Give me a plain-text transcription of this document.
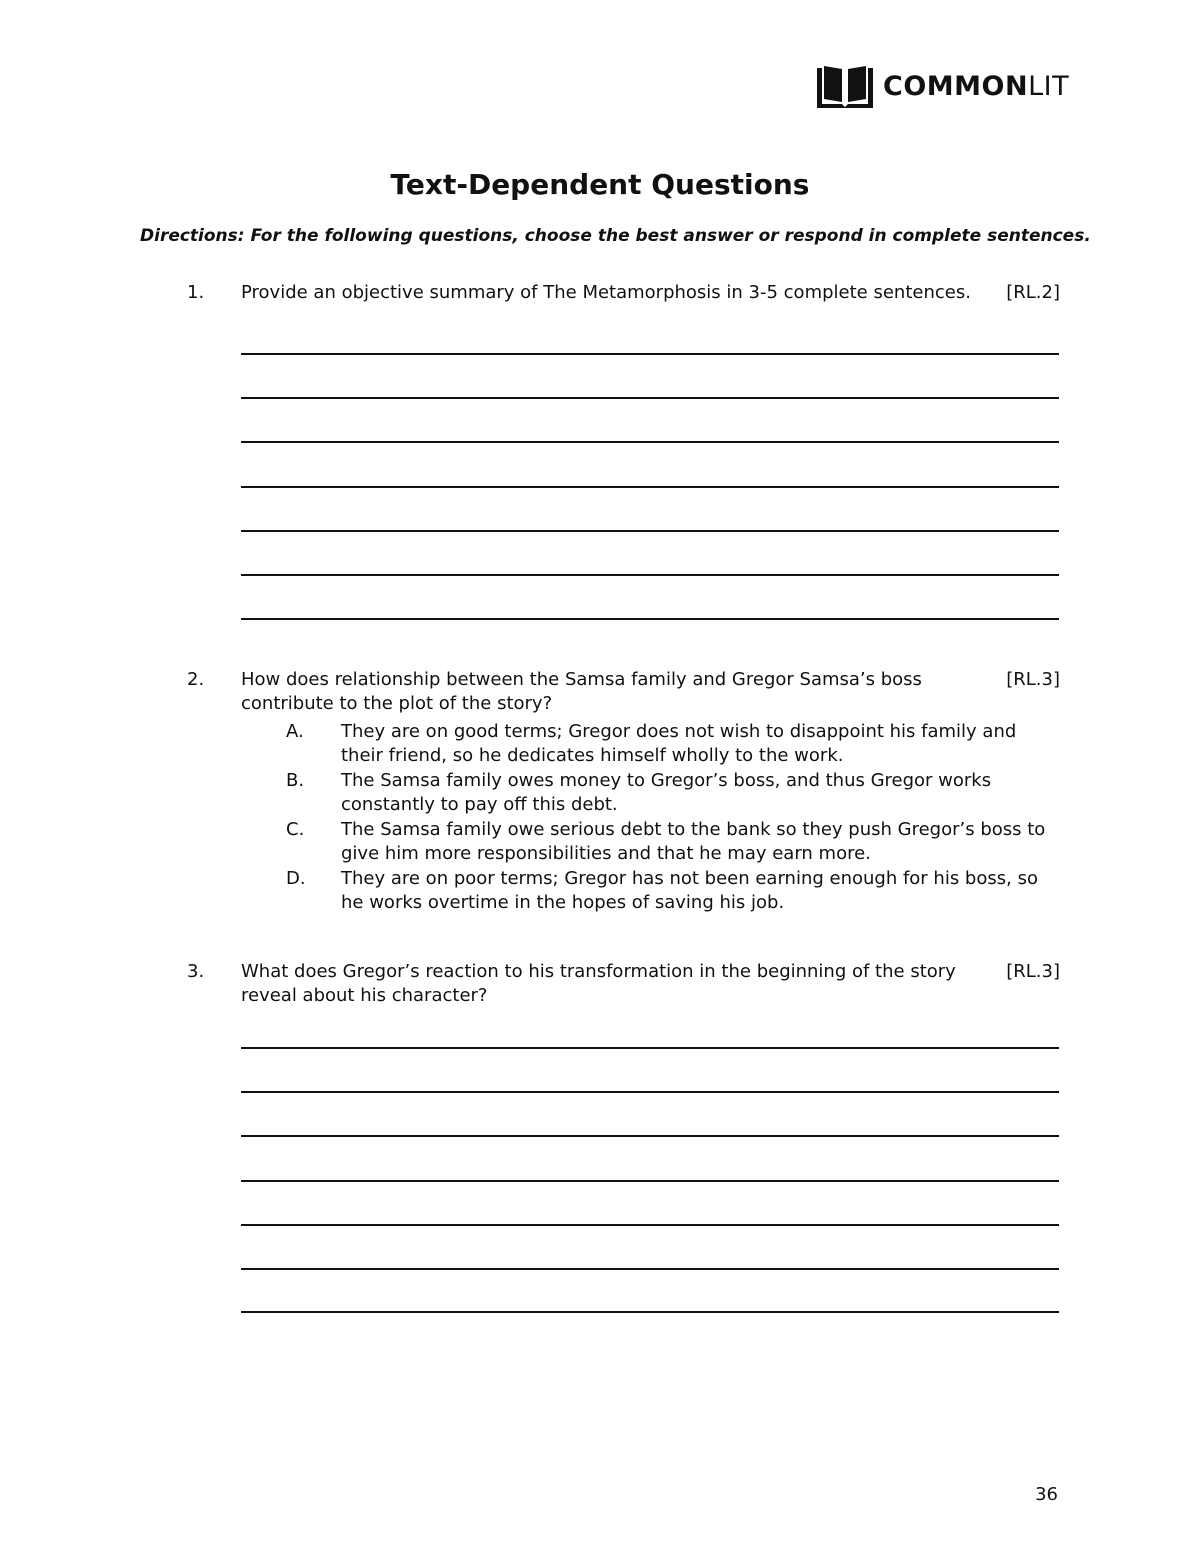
COMMONLIT
Text-Dependent Questions
Directions: For the following questions, choose the best answer or respond in complete sentences.
1. Provide an objective summary of The Metamorphosis in 3-5 complete sentences. [RL.2]
2. How does relationship between the Samsa family and Gregor Samsa’s boss contribute to the plot of the story?
[RL.3]
A. They are on good terms; Gregor does not wish to disappoint his family and their friend, so he dedicates himself wholly to the work.
B. The Samsa family owes money to Gregor’s boss, and thus Gregor works constantly to pay off this debt.
C. The Samsa family owe serious debt to the bank so they push Gregor’s boss to give him more responsibilities and that he may earn more.
D. They are on poor terms; Gregor has not been earning enough for his boss, so he works overtime in the hopes of saving his job.
3. What does Gregor’s reaction to his transformation in the beginning of the story reveal about his character?
[RL.3]
36
